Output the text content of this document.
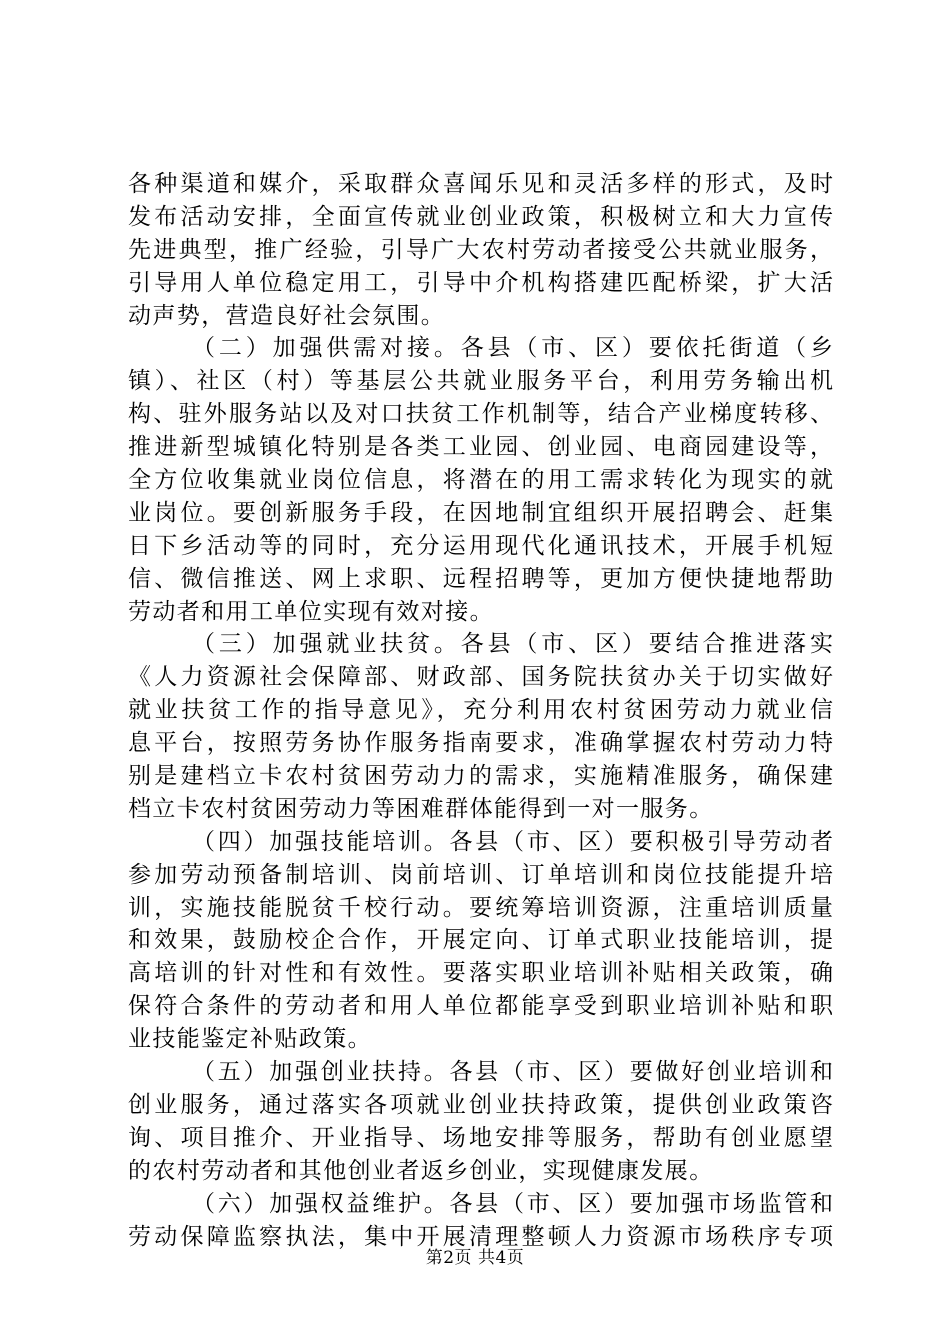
各种渠道和媒介，采取群众喜闻乐见和灵活多样的形式，及时
发布活动安排，全面宣传就业创业政策，积极树立和大力宣传
先进典型，推广经验，引导广大农村劳动者接受公共就业服务，
引导用人单位稳定用工，引导中介机构搭建匹配桥梁，扩大活
动声势，营造良好社会氛围。
（二）加强供需对接。各县（市、区）要依托街道（乡
镇）、社区（村）等基层公共就业服务平台，利用劳务输出机
构、驻外服务站以及对口扶贫工作机制等，结合产业梯度转移、
推进新型城镇化特别是各类工业园、创业园、电商园建设等，
全方位收集就业岗位信息，将潜在的用工需求转化为现实的就
业岗位。要创新服务手段，在因地制宜组织开展招聘会、赶集
日下乡活动等的同时，充分运用现代化通讯技术，开展手机短
信、微信推送、网上求职、远程招聘等，更加方便快捷地帮助
劳动者和用工单位实现有效对接。
（三）加强就业扶贫。各县（市、区）要结合推进落实
《人力资源社会保障部、财政部、国务院扶贫办关于切实做好
就业扶贫工作的指导意见》，充分利用农村贫困劳动力就业信
息平台，按照劳务协作服务指南要求，准确掌握农村劳动力特
别是建档立卡农村贫困劳动力的需求，实施精准服务，确保建
档立卡农村贫困劳动力等困难群体能得到一对一服务。
（四）加强技能培训。各县（市、区）要积极引导劳动者
参加劳动预备制培训、岗前培训、订单培训和岗位技能提升培
训，实施技能脱贫千校行动。要统筹培训资源，注重培训质量
和效果，鼓励校企合作，开展定向、订单式职业技能培训，提
高培训的针对性和有效性。要落实职业培训补贴相关政策，确
保符合条件的劳动者和用人单位都能享受到职业培训补贴和职
业技能鉴定补贴政策。
（五）加强创业扶持。各县（市、区）要做好创业培训和
创业服务，通过落实各项就业创业扶持政策，提供创业政策咨
询、项目推介、开业指导、场地安排等服务，帮助有创业愿望
的农村劳动者和其他创业者返乡创业，实现健康发展。
（六）加强权益维护。各县（市、区）要加强市场监管和
劳动保障监察执法，集中开展清理整顿人力资源市场秩序专项
第2页 共4页
